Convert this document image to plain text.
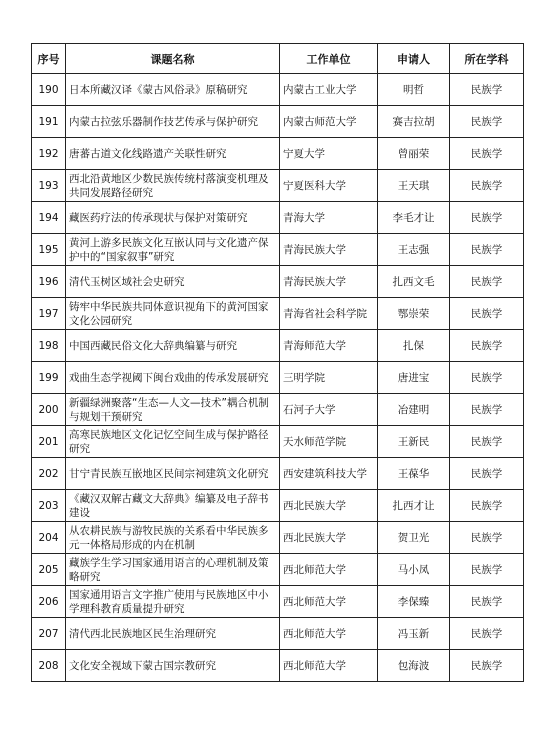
序号	课题名称	工作单位	申请人	所在学科
190	日本所藏汉译《蒙古风俗录》原稿研究	内蒙古工业大学	明哲	民族学
191	内蒙古拉弦乐器制作技艺传承与保护研究	内蒙古师范大学	赛吉拉胡	民族学
192	唐蕃古道文化线路遗产关联性研究	宁夏大学	曾丽荣	民族学
193	西北沿黄地区少数民族传统村落演变机理及共同发展路径研究	宁夏医科大学	王天琪	民族学
194	藏医药疗法的传承现状与保护对策研究	青海大学	李毛才让	民族学
195	黄河上游多民族文化互嵌认同与文化遗产保护中的“国家叙事”研究	青海民族大学	王志强	民族学
196	清代玉树区域社会史研究	青海民族大学	扎西文毛	民族学
197	铸牢中华民族共同体意识视角下的黄河国家文化公园研究	青海省社会科学院	鄂崇荣	民族学
198	中国西藏民俗文化大辞典编纂与研究	青海师范大学	扎保	民族学
199	戏曲生态学视阈下闽台戏曲的传承发展研究	三明学院	唐进宝	民族学
200	新疆绿洲聚落“生态—人文—技术”耦合机制与规划干预研究	石河子大学	冶建明	民族学
201	高寒民族地区文化记忆空间生成与保护路径研究	天水师范学院	王新民	民族学
202	甘宁青民族互嵌地区民间宗祠建筑文化研究	西安建筑科技大学	王葆华	民族学
203	《藏汉双解古藏文大辞典》编纂及电子辞书建设	西北民族大学	扎西才让	民族学
204	从农耕民族与游牧民族的关系看中华民族多元一体格局形成的内在机制	西北民族大学	贺卫光	民族学
205	藏族学生学习国家通用语言的心理机制及策略研究	西北师范大学	马小凤	民族学
206	国家通用语言文字推广使用与民族地区中小学理科教育质量提升研究	西北师范大学	李保臻	民族学
207	清代西北民族地区民生治理研究	西北师范大学	冯玉新	民族学
208	文化安全视域下蒙古国宗教研究	西北师范大学	包海波	民族学
